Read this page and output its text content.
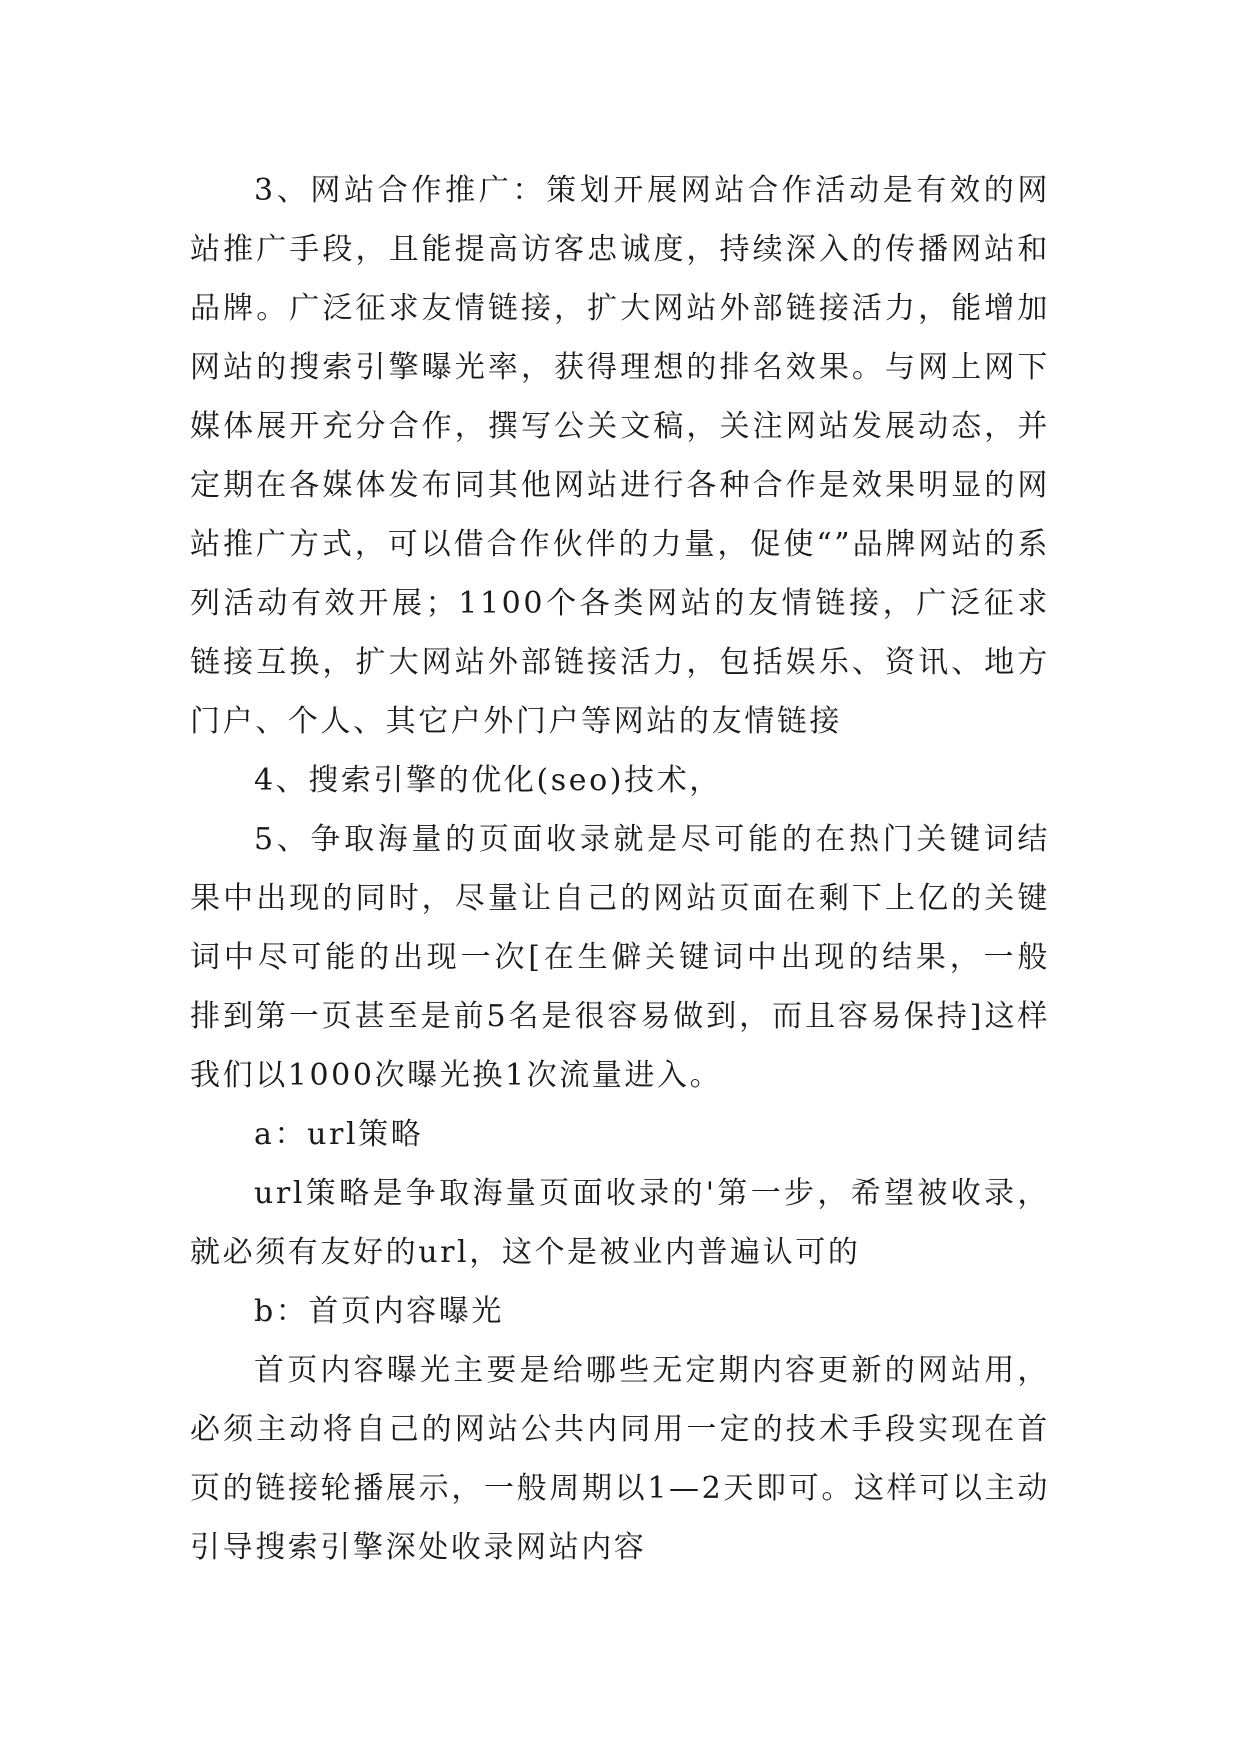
3、网站合作推广：策划开展网站合作活动是有效的网站推广手段，且能提高访客忠诚度，持续深入的传播网站和品牌。广泛征求友情链接，扩大网站外部链接活力，能增加网站的搜索引擎曝光率，获得理想的排名效果。与网上网下媒体展开充分合作，撰写公关文稿，关注网站发展动态，并定期在各媒体发布同其他网站进行各种合作是效果明显的网站推广方式，可以借合作伙伴的力量，促使“”品牌网站的系列活动有效开展；1100个各类网站的友情链接，广泛征求链接互换，扩大网站外部链接活力，包括娱乐、资讯、地方门户、个人、其它户外门户等网站的友情链接

4、搜索引擎的优化(seo)技术，

5、争取海量的页面收录就是尽可能的在热门关键词结果中出现的同时，尽量让自己的网站页面在剩下上亿的关键词中尽可能的出现一次[在生僻关键词中出现的结果，一般排到第一页甚至是前5名是很容易做到，而且容易保持]这样我们以1000次曝光换1次流量进入。

a：url策略

url策略是争取海量页面收录的'第一步，希望被收录，就必须有友好的url，这个是被业内普遍认可的

b：首页内容曝光

首页内容曝光主要是给哪些无定期内容更新的网站用，必须主动将自己的网站公共内同用一定的技术手段实现在首页的链接轮播展示，一般周期以1—2天即可。这样可以主动引导搜索引擎深处收录网站内容
